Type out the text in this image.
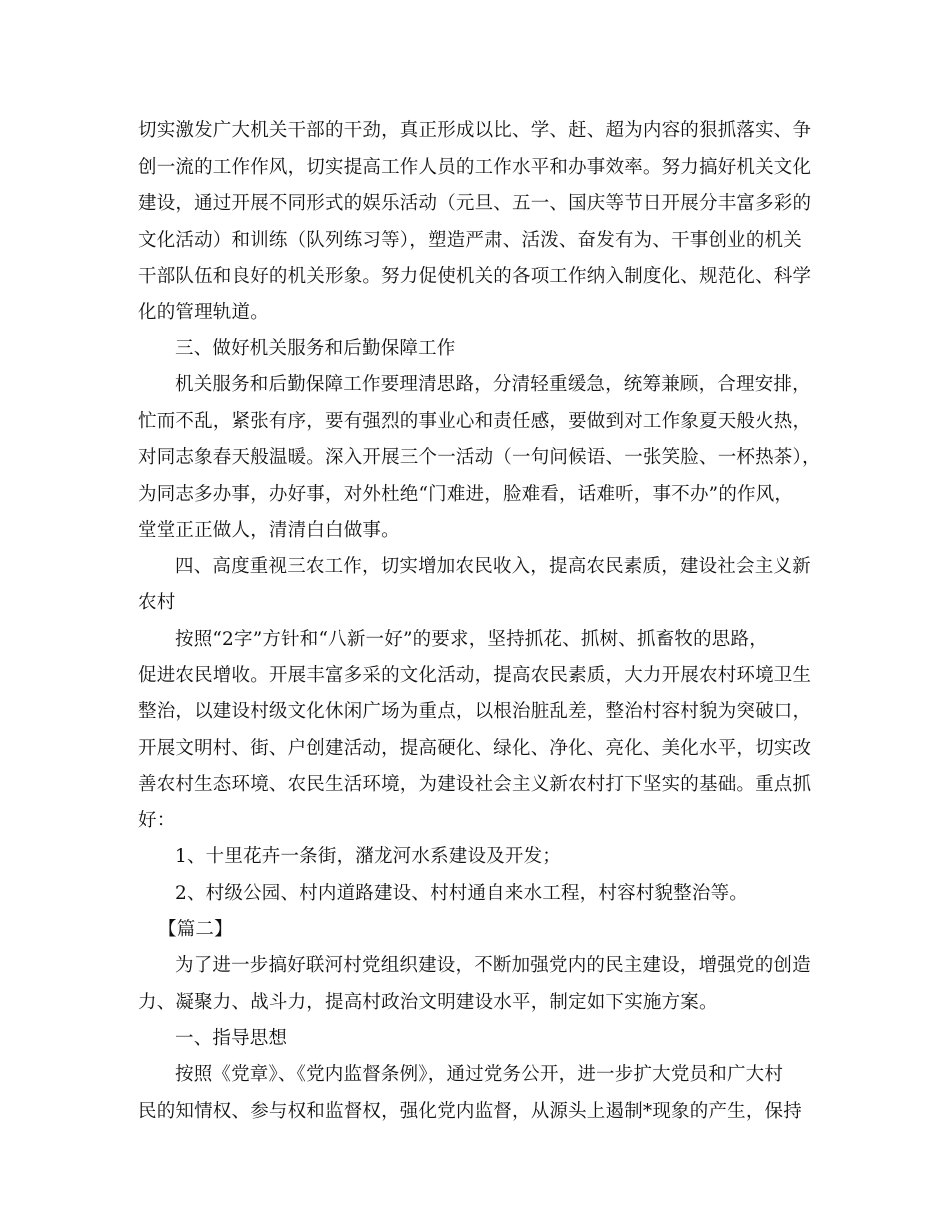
切实激发广大机关干部的干劲，真正形成以比、学、赶、超为内容的狠抓落实、争
创一流的工作作风，切实提高工作人员的工作水平和办事效率。努力搞好机关文化
建设，通过开展不同形式的娱乐活动（元旦、五一、国庆等节日开展分丰富多彩的
文化活动）和训练（队列练习等），塑造严肃、活泼、奋发有为、干事创业的机关
干部队伍和良好的机关形象。努力促使机关的各项工作纳入制度化、规范化、科学
化的管理轨道。
三、做好机关服务和后勤保障工作
机关服务和后勤保障工作要理清思路，分清轻重缓急，统筹兼顾，合理安排，
忙而不乱，紧张有序，要有强烈的事业心和责任感，要做到对工作象夏天般火热，
对同志象春天般温暖。深入开展三个一活动（一句问候语、一张笑脸、一杯热茶），
为同志多办事，办好事，对外杜绝“门难进，脸难看，话难听，事不办”的作风，
堂堂正正做人，清清白白做事。
四、高度重视三农工作，切实增加农民收入，提高农民素质，建设社会主义新
农村
按照“2字”方针和“八新一好”的要求，坚持抓花、抓树、抓畜牧的思路，
促进农民增收。开展丰富多采的文化活动，提高农民素质，大力开展农村环境卫生
整治，以建设村级文化休闲广场为重点，以根治脏乱差，整治村容村貌为突破口，
开展文明村、街、户创建活动，提高硬化、绿化、净化、亮化、美化水平，切实改
善农村生态环境、农民生活环境，为建设社会主义新农村打下坚实的基础。重点抓
好：
1、十里花卉一条街，潴龙河水系建设及开发；
2、村级公园、村内道路建设、村村通自来水工程，村容村貌整治等。
【篇二】
为了进一步搞好联河村党组织建设，不断加强党内的民主建设，增强党的创造
力、凝聚力、战斗力，提高村政治文明建设水平，制定如下实施方案。
一、指导思想
按照《党章》、《党内监督条例》，通过党务公开，进一步扩大党员和广大村
民的知情权、参与权和监督权，强化党内监督，从源头上遏制*现象的产生，保持
